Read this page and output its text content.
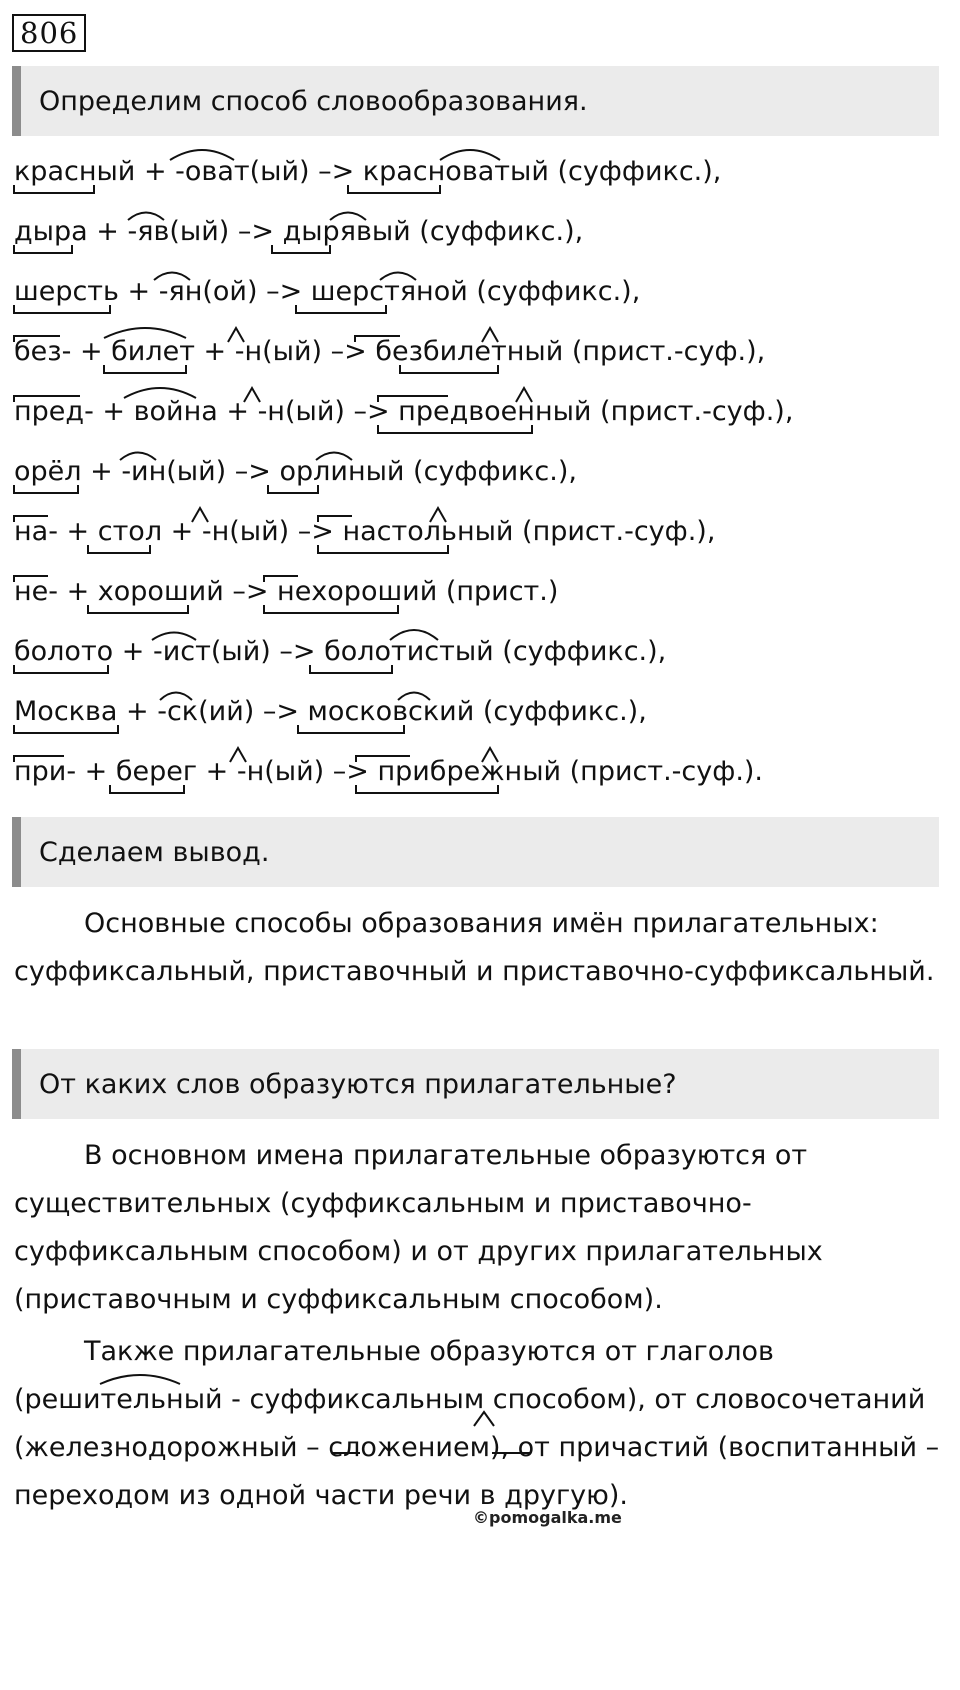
806
Определим способ словообразования.
красный + -оват(ый) –> красноватый (суффикс.),
дыра + -яв(ый) –> дырявый (суффикс.),
шерсть + -ян(ой) –> шерстяной (суффикс.),
без- + билет + -н(ый) –> безбилетный (прист.-суф.),
пред- + война + -н(ый) –> предвоенный (прист.-суф.),
орёл + -ин(ый) –> орлиный (суффикс.),
на- + стол + -н(ый) –> настольный (прист.-суф.),
не- + хороший –> нехороший (прист.)
болото + -ист(ый) –> болотистый (суффикс.),
Москва + -ск(ий) –> московский (суффикс.),
при- + берег + -н(ый) –> прибрежный (прист.-суф.).
Сделаем вывод.
Основные способы образования имён прилагательных: суффиксальный, приставочный и приставочно-суффиксальный.
От каких слов образуются прилагательные?
В основном имена прилагательные образуются от существительных (суффиксальным и приставочно-суффиксальным способом) и от других прилагательных (приставочным и суффиксальным способом).
Также прилагательные образуются от глаголов (решительный - суффиксальным способом), от словосочетаний (железнодорожный – сложением), от причастий (воспитанный – переходом из одной части речи в другую).
©pomogalka.me
